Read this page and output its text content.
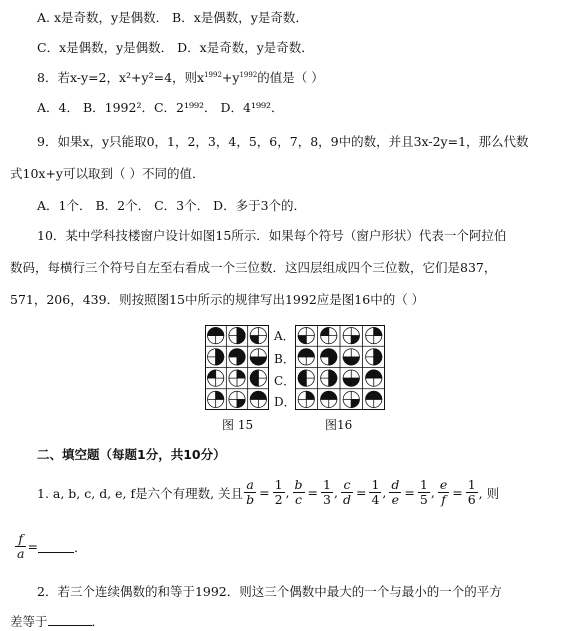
A. x是奇数，y是偶数． B．x是偶数，y是奇数．
C．x是偶数，y是偶数． D．x是奇数，y是奇数．
8．若x-y=2，x²+y²=4，则$x^{1992}+y^{1992}$的值是（ ）
A．4． B．1992²．C．2¹⁹⁹²． D．4¹⁹⁹²．
9．如果x，y只能取0，1，2，3，4，5，6，7，8，9中的数，并且3x-2y=1，那么代数
式10x+y可以取到（ ）不同的值．
A．1个． B．2个． C．3个． D．多于3个的．
10．某中学科技楼窗户设计如图15所示．如果每个符号（窗户形状）代表一个阿拉伯
数码，每横行三个符号自左至右看成一个三位数．这四层组成四个三位数，它们是837，
571，206，439．则按照图15中所示的规律写出1992应是图16中的（ ）
图 15
A．
B．
C．
D．
图16
二、填空题（每题1分，共10分）
1. a, b, c, d, e, f是六个有理数, 关且 $\frac{a}{b} = \frac{1}{2}$ , $\frac{b}{c} = \frac{1}{3}$ , $\frac{c}{d} = \frac{1}{4}$ , $\frac{d}{e} = \frac{1}{5}$ , $\frac{e}{f} = \frac{1}{6}$ , 则
$\frac{f}{a}$ =	．
2．若三个连续偶数的和等于1992．则这三个偶数中最大的一个与最小的一个的平方
差等于	．
